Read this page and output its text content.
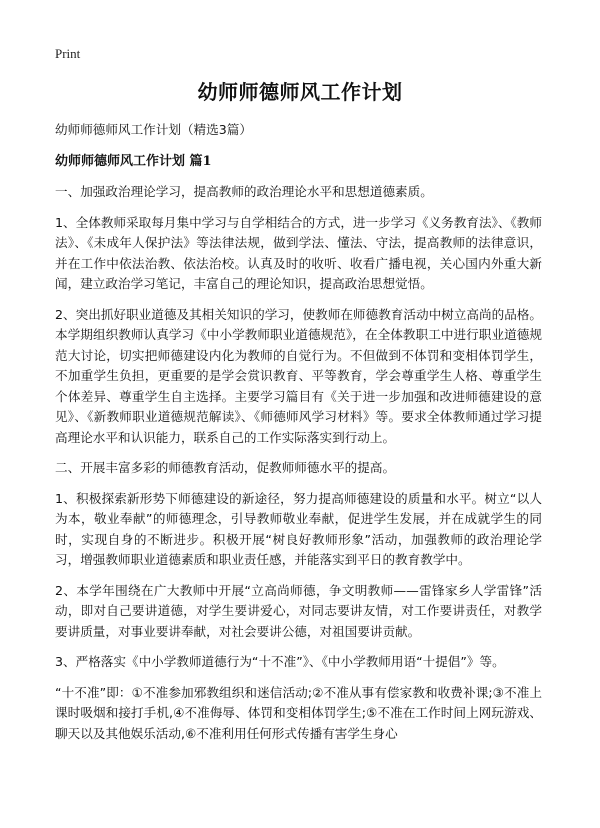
Print
幼师师德师风工作计划

幼师师德师风工作计划（精选3篇）

幼师师德师风工作计划 篇1

一、加强政治理论学习，提高教师的政治理论水平和思想道德素质。

1、全体教师采取每月集中学习与自学相结合的方式，进一步学习《义务教育法》、《教师法》、《未成年人保护法》等法律法规，做到学法、懂法、守法，提高教师的法律意识，并在工作中依法治教、依法治校。认真及时的收听、收看广播电视，关心国内外重大新闻，建立政治学习笔记，丰富自己的理论知识，提高政治思想觉悟。

2、突出抓好职业道德及其相关知识的学习，使教师在师德教育活动中树立高尚的品格。本学期组织教师认真学习《中小学教师职业道德规范》，在全体教职工中进行职业道德规范大讨论，切实把师德建设内化为教师的自觉行为。不但做到不体罚和变相体罚学生，不加重学生负担，更重要的是学会赏识教育、平等教育，学会尊重学生人格、尊重学生个体差异、尊重学生自主选择。主要学习篇目有《关于进一步加强和改进师德建设的意见》、《新教师职业道德规范解读》、《师德师风学习材料》等。要求全体教师通过学习提高理论水平和认识能力，联系自己的工作实际落实到行动上。

二、开展丰富多彩的师德教育活动，促教师师德水平的提高。

1、积极探索新形势下师德建设的新途径，努力提高师德建设的质量和水平。树立“以人为本，敬业奉献”的师德理念，引导教师敬业奉献，促进学生发展，并在成就学生的同时，实现自身的不断进步。积极开展“树良好教师形象”活动，加强教师的政治理论学习，增强教师职业道德素质和职业责任感，并能落实到平日的教育教学中。

2、本学年围绕在广大教师中开展“立高尚师德，争文明教师——雷锋家乡人学雷锋”活动，即对自己要讲道德，对学生要讲爱心，对同志要讲友情，对工作要讲责任，对教学要讲质量，对事业要讲奉献，对社会要讲公德，对祖国要讲贡献。

3、严格落实《中小学教师道德行为“十不准”》、《中小学教师用语“十提倡”》等。

“十不准”即：①不准参加邪教组织和迷信活动;②不准从事有偿家教和收费补课;③不准上课时吸烟和接打手机,④不准侮辱、体罚和变相体罚学生;⑤不准在工作时间上网玩游戏、聊天以及其他娱乐活动,⑥不准利用任何形式传播有害学生身心
